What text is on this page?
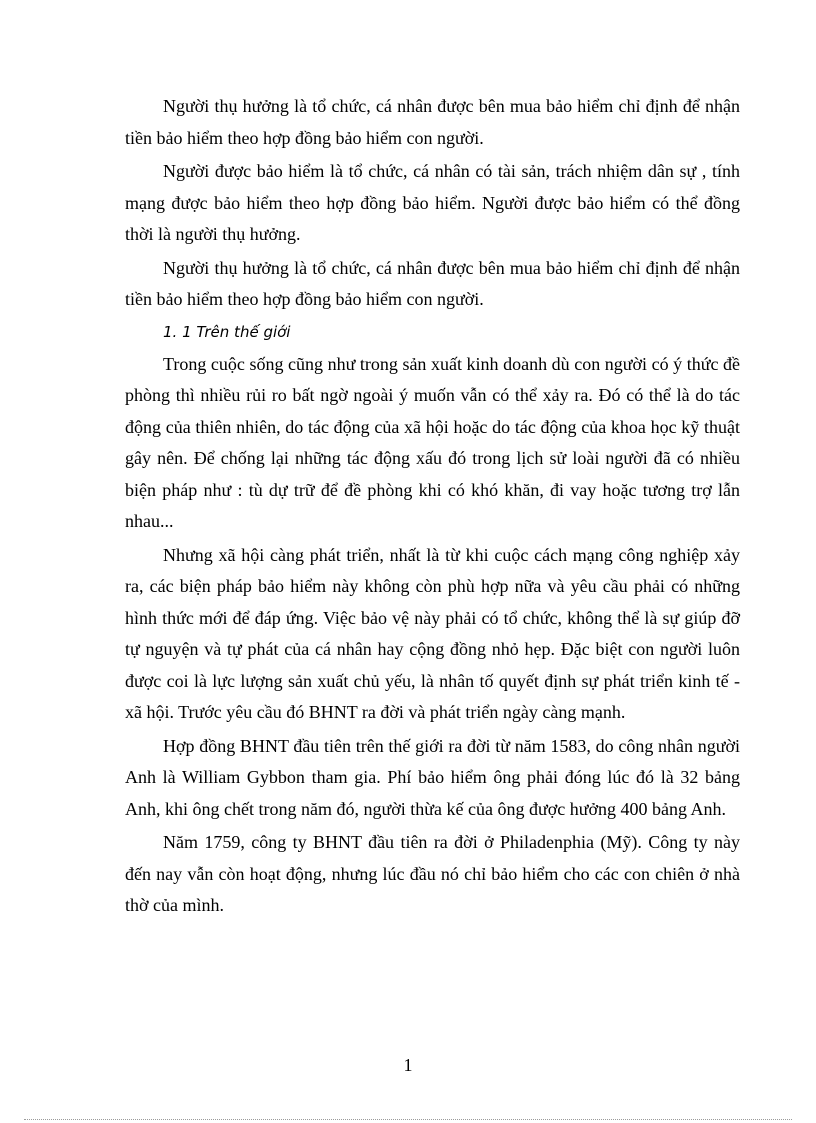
Người thụ hưởng là tổ chức, cá nhân được bên mua bảo hiểm chỉ định để nhận tiền bảo hiểm theo hợp đồng bảo hiểm con người.

Người được bảo hiểm là tổ chức, cá nhân có tài sản, trách nhiệm dân sự , tính mạng được bảo hiểm theo hợp đồng bảo hiểm. Người được bảo hiểm có thể đồng thời là người thụ hưởng.

Người thụ hưởng là tổ chức, cá nhân được bên mua bảo hiểm chỉ định để nhận tiền bảo hiểm theo hợp đồng bảo hiểm con người.

1. 1 Trên thế giới

Trong cuộc sống cũng như trong sản xuất kinh doanh dù con người có ý thức đề phòng thì nhiều rủi ro bất ngờ ngoài ý muốn vẫn có thể xảy ra. Đó có thể là do tác động của thiên nhiên, do tác động của xã hội hoặc do tác động của khoa học kỹ thuật gây nên. Để chống lại những tác động xấu đó trong lịch sử loài người đã có nhiều biện pháp như : tù dự trữ để đề phòng khi có khó khăn, đi vay hoặc tương trợ lẫn nhau...

Nhưng xã hội càng phát triển, nhất là từ khi cuộc cách mạng công nghiệp xảy ra, các biện pháp bảo hiểm này không còn phù hợp nữa và yêu cầu phải có những hình thức mới để đáp ứng. Việc bảo vệ này phải có tổ chức, không thể là sự giúp đỡ tự nguyện và tự phát của cá nhân hay cộng đồng nhỏ hẹp. Đặc biệt con người luôn được coi là lực lượng sản xuất chủ yếu, là nhân tố quyết định sự phát triển kinh tế - xã hội. Trước yêu cầu đó BHNT ra đời và phát triển ngày càng mạnh.

Hợp đồng BHNT đầu tiên trên thế giới ra đời từ năm 1583, do công nhân người Anh là William Gybbon tham gia. Phí bảo hiểm ông phải đóng lúc đó là 32 bảng Anh, khi ông chết trong năm đó, người thừa kế của ông được hưởng 400 bảng Anh.

Năm 1759, công ty BHNT đầu tiên ra đời ở Philadenphia (Mỹ). Công ty này đến nay vẫn còn hoạt động, nhưng lúc đầu nó chỉ bảo hiểm cho các con chiên ở nhà thờ của mình.

1
